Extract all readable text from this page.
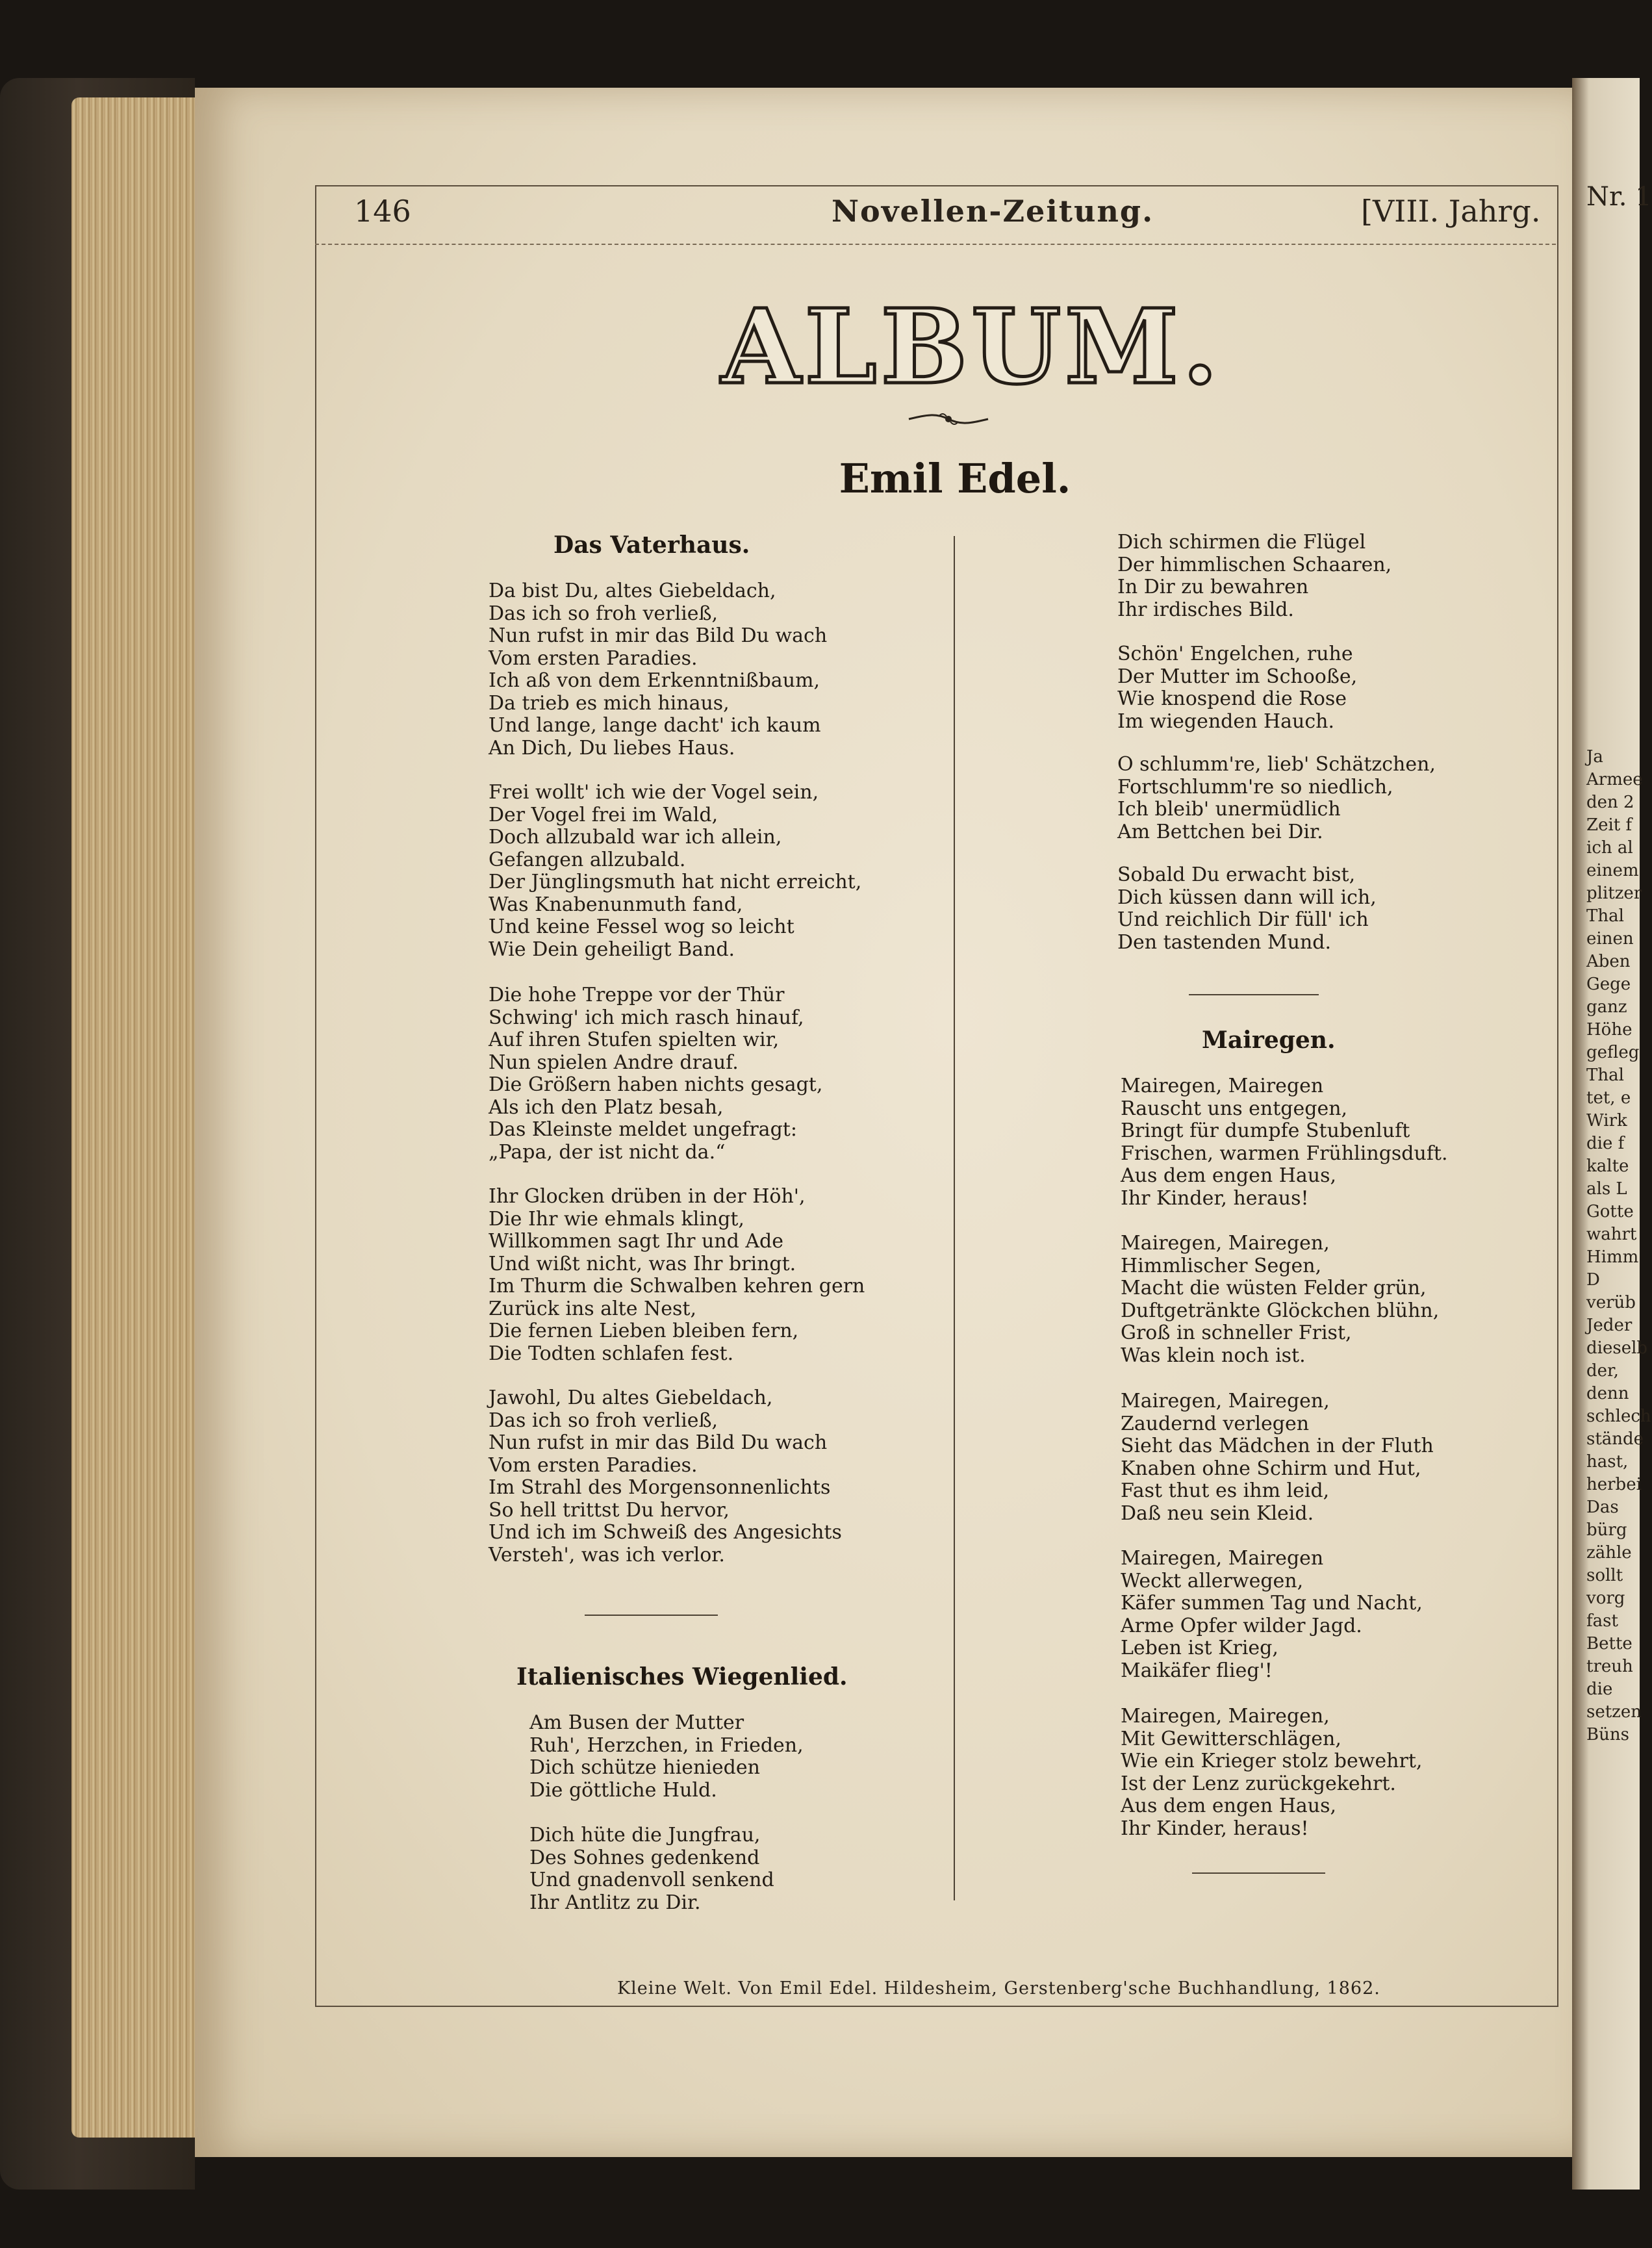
Nr. 1
Ja
Armee
den 2
Zeit f
ich al
einem
plitzer
Thal
einen
Aben
Gege
ganz
Höhe
gefleg
Thal
tet, e
Wirk
die f
kalte
als L
Gotte
wahrt
Himm
D
verüb
Jeder
dieselb
der,
denn
schlech
stände
hast,
herbei
Das
bürg
zähle
sollt
vorg
fast
Bette
treuh
die
setzen
Büns
146	Novellen-Zeitung.	[VIII. Jahrg.
ALBUM.
Emil Edel.
Das Vaterhaus.
Da bist Du, altes Giebeldach,
Das ich so froh verließ,
Nun rufst in mir das Bild Du wach
Vom ersten Paradies.
Ich aß von dem Erkenntnißbaum,
Da trieb es mich hinaus,
Und lange, lange dacht' ich kaum
An Dich, Du liebes Haus.
Frei wollt' ich wie der Vogel sein,
Der Vogel frei im Wald,
Doch allzubald war ich allein,
Gefangen allzubald.
Der Jünglingsmuth hat nicht erreicht,
Was Knabenunmuth fand,
Und keine Fessel wog so leicht
Wie Dein geheiligt Band.
Die hohe Treppe vor der Thür
Schwing' ich mich rasch hinauf,
Auf ihren Stufen spielten wir,
Nun spielen Andre drauf.
Die Größern haben nichts gesagt,
Als ich den Platz besah,
Das Kleinste meldet ungefragt:
„Papa, der ist nicht da.“
Ihr Glocken drüben in der Höh',
Die Ihr wie ehmals klingt,
Willkommen sagt Ihr und Ade
Und wißt nicht, was Ihr bringt.
Im Thurm die Schwalben kehren gern
Zurück ins alte Nest,
Die fernen Lieben bleiben fern,
Die Todten schlafen fest.
Jawohl, Du altes Giebeldach,
Das ich so froh verließ,
Nun rufst in mir das Bild Du wach
Vom ersten Paradies.
Im Strahl des Morgensonnenlichts
So hell trittst Du hervor,
Und ich im Schweiß des Angesichts
Versteh', was ich verlor.
Italienisches Wiegenlied.
Am Busen der Mutter
Ruh', Herzchen, in Frieden,
Dich schütze hienieden
Die göttliche Huld.
Dich hüte die Jungfrau,
Des Sohnes gedenkend
Und gnadenvoll senkend
Ihr Antlitz zu Dir.
Dich schirmen die Flügel
Der himmlischen Schaaren,
In Dir zu bewahren
Ihr irdisches Bild.
Schön' Engelchen, ruhe
Der Mutter im Schooße,
Wie knospend die Rose
Im wiegenden Hauch.
O schlumm're, lieb' Schätzchen,
Fortschlumm're so niedlich,
Ich bleib' unermüdlich
Am Bettchen bei Dir.
Sobald Du erwacht bist,
Dich küssen dann will ich,
Und reichlich Dir füll' ich
Den tastenden Mund.
Mairegen.
Mairegen, Mairegen
Rauscht uns entgegen,
Bringt für dumpfe Stubenluft
Frischen, warmen Frühlingsduft.
Aus dem engen Haus,
Ihr Kinder, heraus!
Mairegen, Mairegen,
Himmlischer Segen,
Macht die wüsten Felder grün,
Duftgetränkte Glöckchen blühn,
Groß in schneller Frist,
Was klein noch ist.
Mairegen, Mairegen,
Zaudernd verlegen
Sieht das Mädchen in der Fluth
Knaben ohne Schirm und Hut,
Fast thut es ihm leid,
Daß neu sein Kleid.
Mairegen, Mairegen
Weckt allerwegen,
Käfer summen Tag und Nacht,
Arme Opfer wilder Jagd.
Leben ist Krieg,
Maikäfer flieg'!
Mairegen, Mairegen,
Mit Gewitterschlägen,
Wie ein Krieger stolz bewehrt,
Ist der Lenz zurückgekehrt.
Aus dem engen Haus,
Ihr Kinder, heraus!
Kleine Welt. Von Emil Edel. Hildesheim, Gerstenberg'sche Buchhandlung, 1862.
